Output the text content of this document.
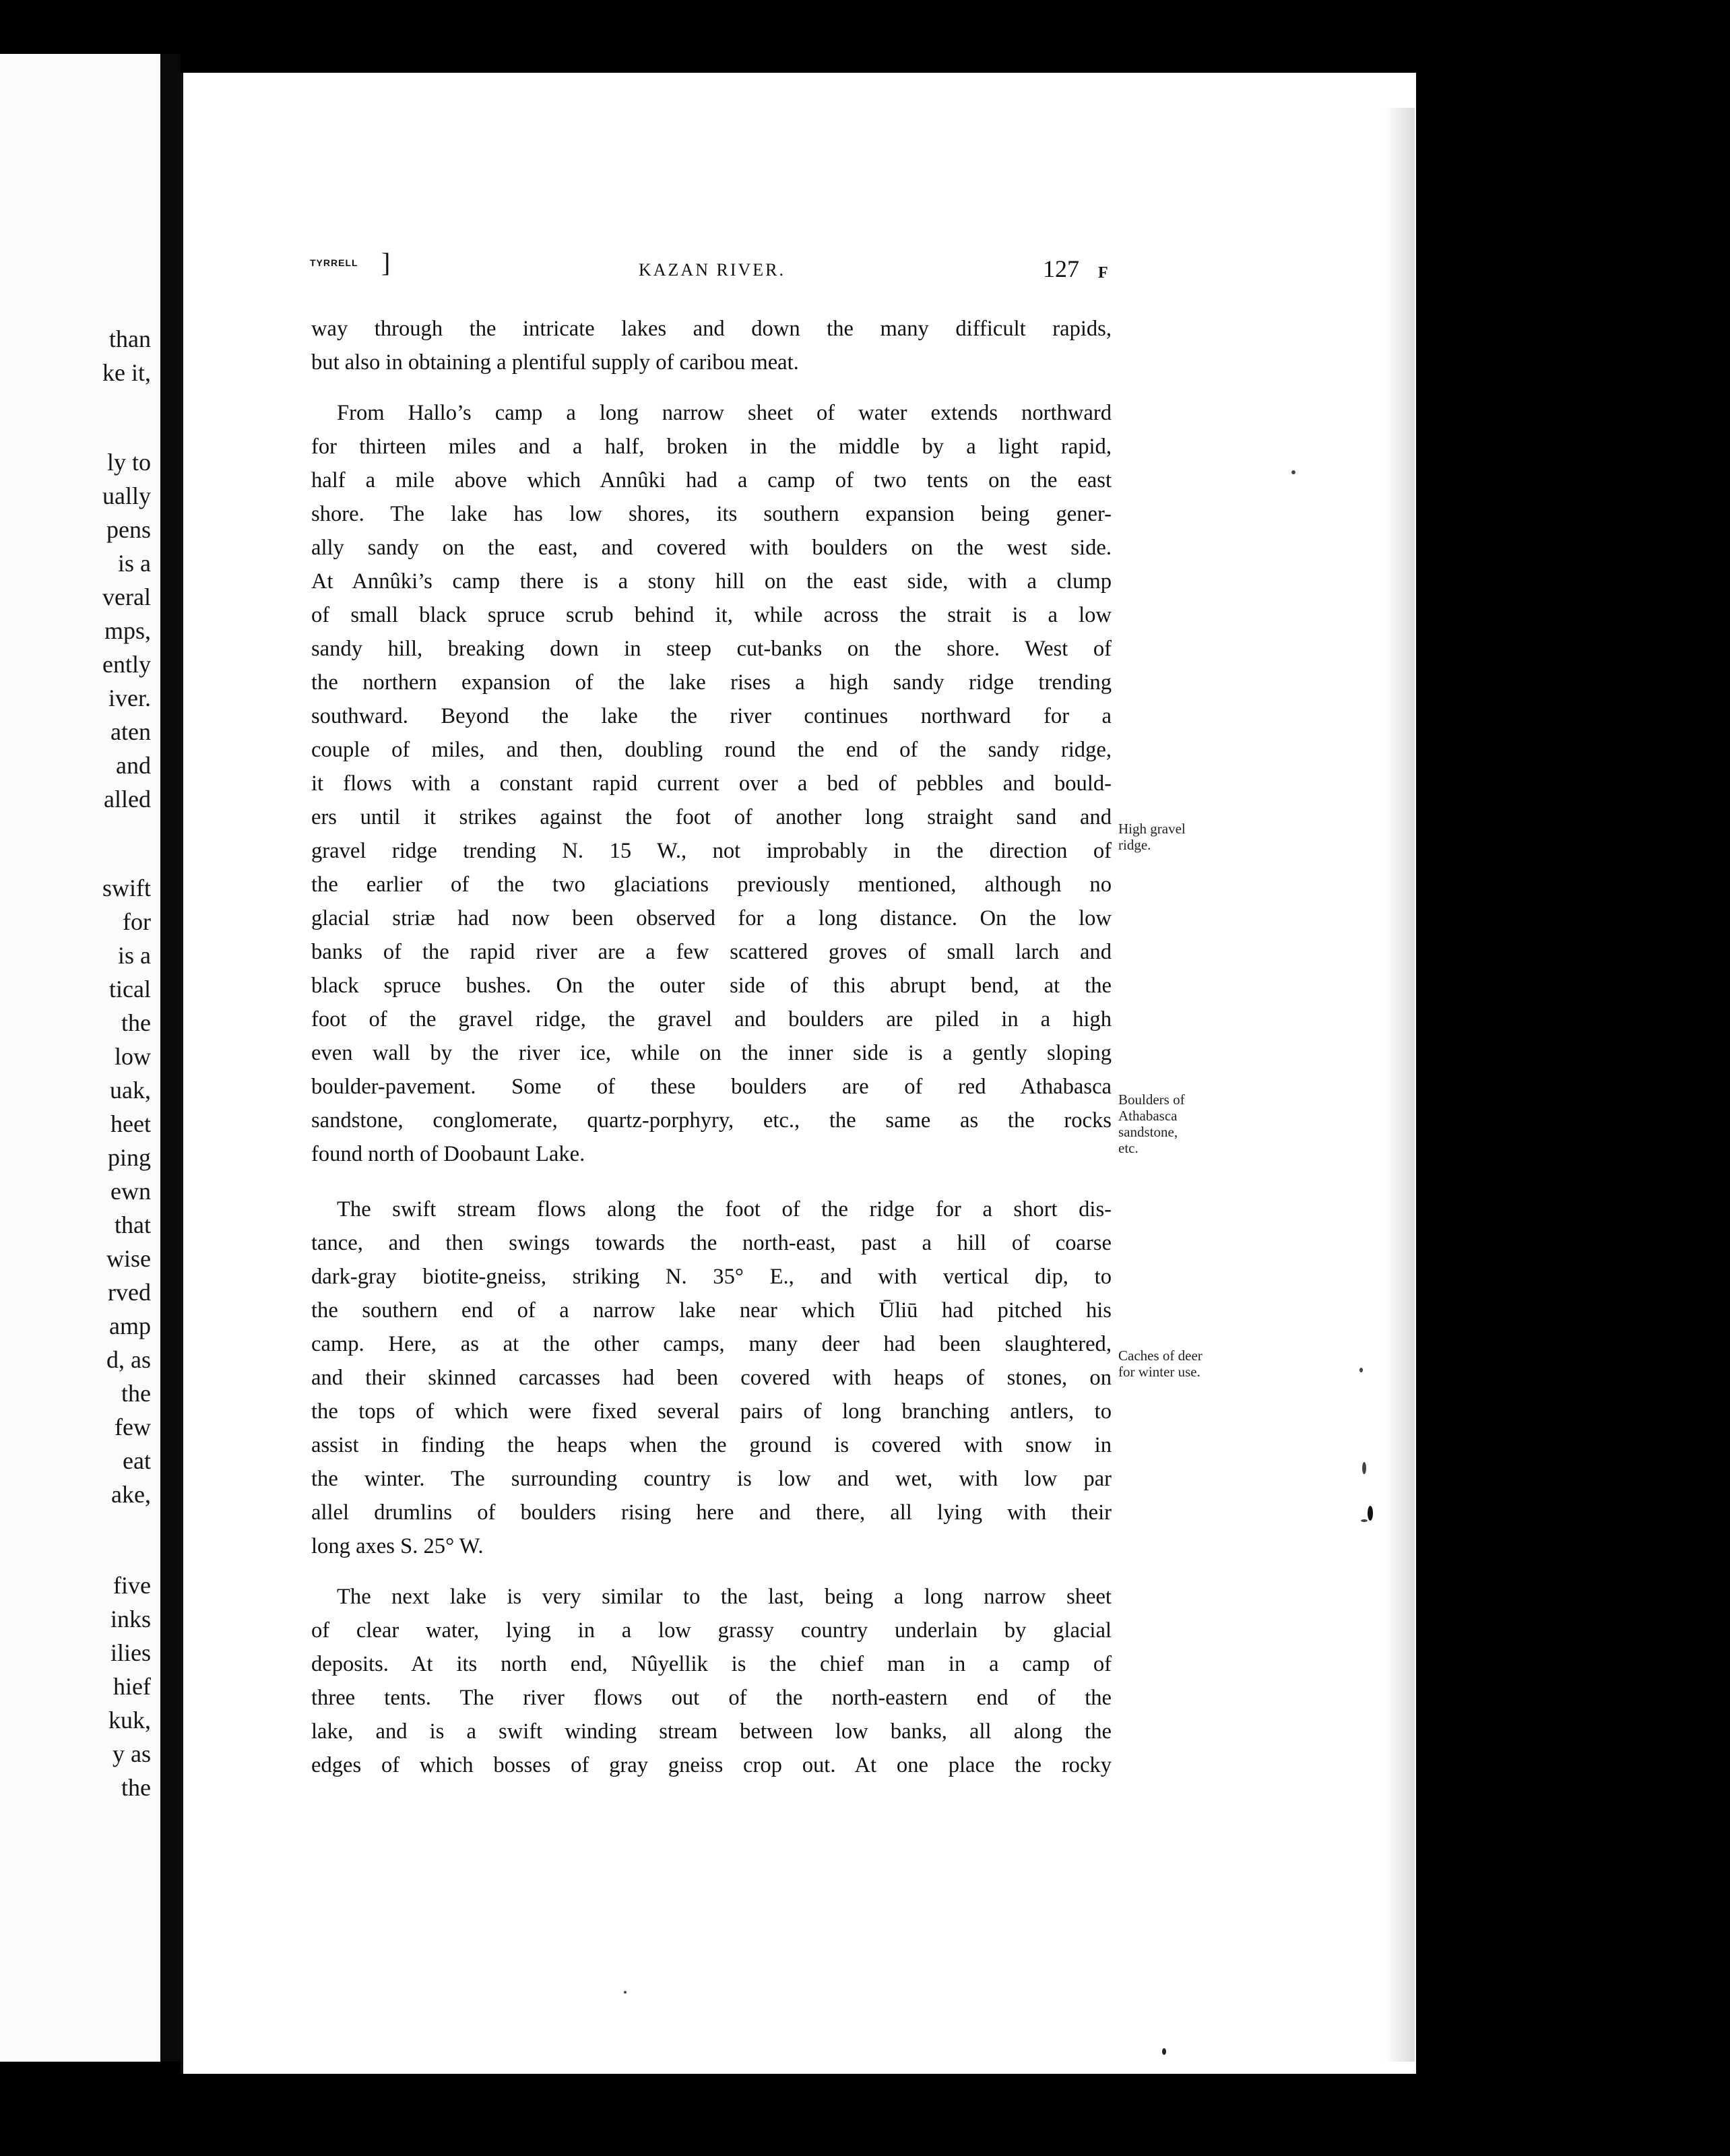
than
ke it,
ly to
ually
pens
is a
veral
mps,
ently
iver.
aten
and
alled
swift
for
is a
tical
the
low
uak,
heet
ping
ewn
that
wise
rved
amp
d, as
the
few
eat
ake,
five
inks
ilies
hief
kuk,
y as
the
TYRRELL ]	KAZAN RIVER.	127 F
way through the intricate lakes and down the many difficult rapids,
but also in obtaining a plentiful supply of caribou meat.
From Hallo’s camp a long narrow sheet of water extends northward
for thirteen miles and a half, broken in the middle by a light rapid,
half a mile above which Annûki had a camp of two tents on the east
shore. The lake has low shores, its southern expansion being gener-
ally sandy on the east, and covered with boulders on the west side.
At Annûki’s camp there is a stony hill on the east side, with a clump
of small black spruce scrub behind it, while across the strait is a low
sandy hill, breaking down in steep cut-banks on the shore. West of
the northern expansion of the lake rises a high sandy ridge trending
southward. Beyond the lake the river continues northward for a
couple of miles, and then, doubling round the end of the sandy ridge,
it flows with a constant rapid current over a bed of pebbles and bould-
ers until it strikes against the foot of another long straight sand and
gravel ridge trending N. 15 W., not improbably in the direction of
the earlier of the two glaciations previously mentioned, although no
glacial striæ had now been observed for a long distance. On the low
banks of the rapid river are a few scattered groves of small larch and
black spruce bushes. On the outer side of this abrupt bend, at the
foot of the gravel ridge, the gravel and boulders are piled in a high
even wall by the river ice, while on the inner side is a gently sloping
boulder-pavement. Some of these boulders are of red Athabasca
sandstone, conglomerate, quartz-porphyry, etc., the same as the rocks
found north of Doobaunt Lake.
The swift stream flows along the foot of the ridge for a short dis-
tance, and then swings towards the north-east, past a hill of coarse
dark-gray biotite-gneiss, striking N. 35° E., and with vertical dip, to
the southern end of a narrow lake near which Ūliū had pitched his
camp. Here, as at the other camps, many deer had been slaughtered,
and their skinned carcasses had been covered with heaps of stones, on
the tops of which were fixed several pairs of long branching antlers, to
assist in finding the heaps when the ground is covered with snow in
the winter. The surrounding country is low and wet, with low par
allel drumlins of boulders rising here and there, all lying with their
long axes S. 25° W.
The next lake is very similar to the last, being a long narrow sheet
of clear water, lying in a low grassy country underlain by glacial
deposits. At its north end, Nûyellik is the chief man in a camp of
three tents. The river flows out of the north-eastern end of the
lake, and is a swift winding stream between low banks, all along the
edges of which bosses of gray gneiss crop out. At one place the rocky
High gravel
ridge.
Boulders of
Athabasca
sandstone,
etc.
Caches of deer
for winter use.
